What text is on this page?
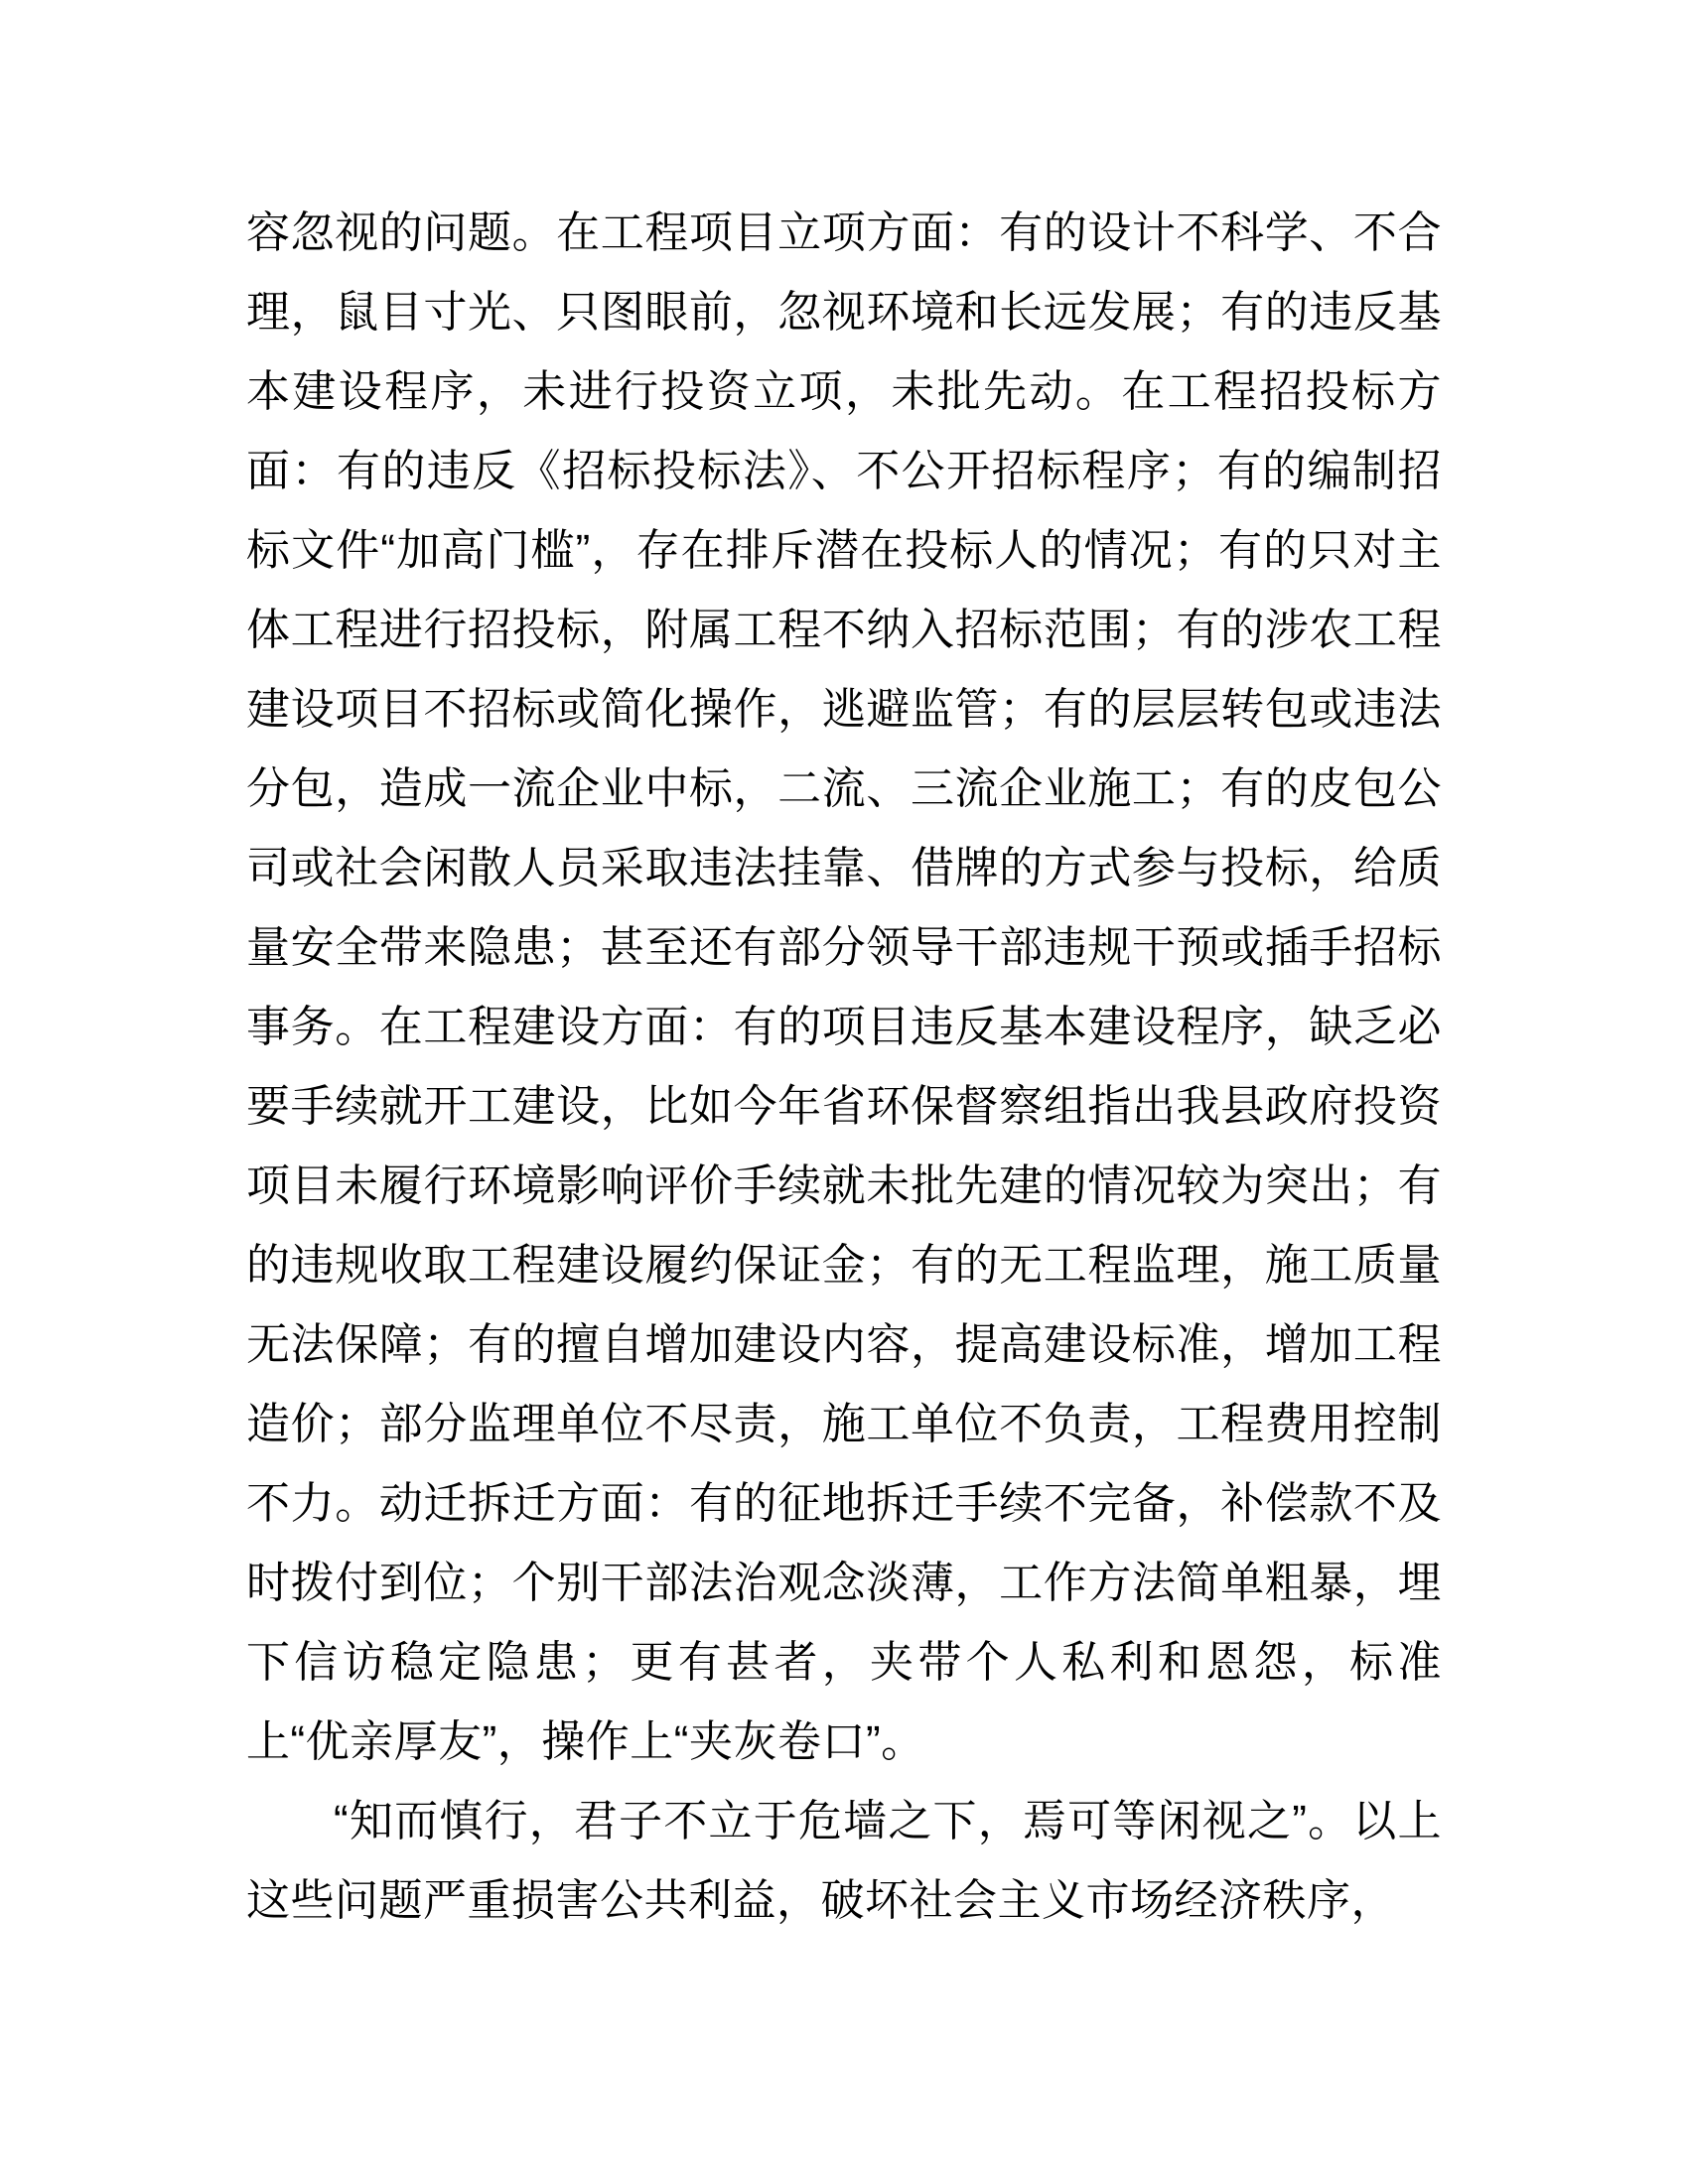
容忽视的问题。在工程项目立项方面：有的设计不科学、不合理，鼠目寸光、只图眼前，忽视环境和长远发展；有的违反基本建设程序，未进行投资立项，未批先动。在工程招投标方面：有的违反《招标投标法》、不公开招标程序；有的编制招标文件“加高门槛”，存在排斥潜在投标人的情况；有的只对主体工程进行招投标，附属工程不纳入招标范围；有的涉农工程建设项目不招标或简化操作，逃避监管；有的层层转包或违法分包，造成一流企业中标，二流、三流企业施工；有的皮包公司或社会闲散人员采取违法挂靠、借牌的方式参与投标，给质量安全带来隐患；甚至还有部分领导干部违规干预或插手招标事务。在工程建设方面：有的项目违反基本建设程序，缺乏必要手续就开工建设，比如今年省环保督察组指出我县政府投资项目未履行环境影响评价手续就未批先建的情况较为突出；有的违规收取工程建设履约保证金；有的无工程监理，施工质量无法保障；有的擅自增加建设内容，提高建设标准，增加工程造价；部分监理单位不尽责，施工单位不负责，工程费用控制不力。动迁拆迁方面：有的征地拆迁手续不完备，补偿款不及时拨付到位；个别干部法治观念淡薄，工作方法简单粗暴，埋下信访稳定隐患；更有甚者，夹带个人私利和恩怨，标准上“优亲厚友”，操作上“夹灰卷口”。

“知而慎行，君子不立于危墙之下，焉可等闲视之”。以上这些问题严重损害公共利益，破坏社会主义市场经济秩序，
